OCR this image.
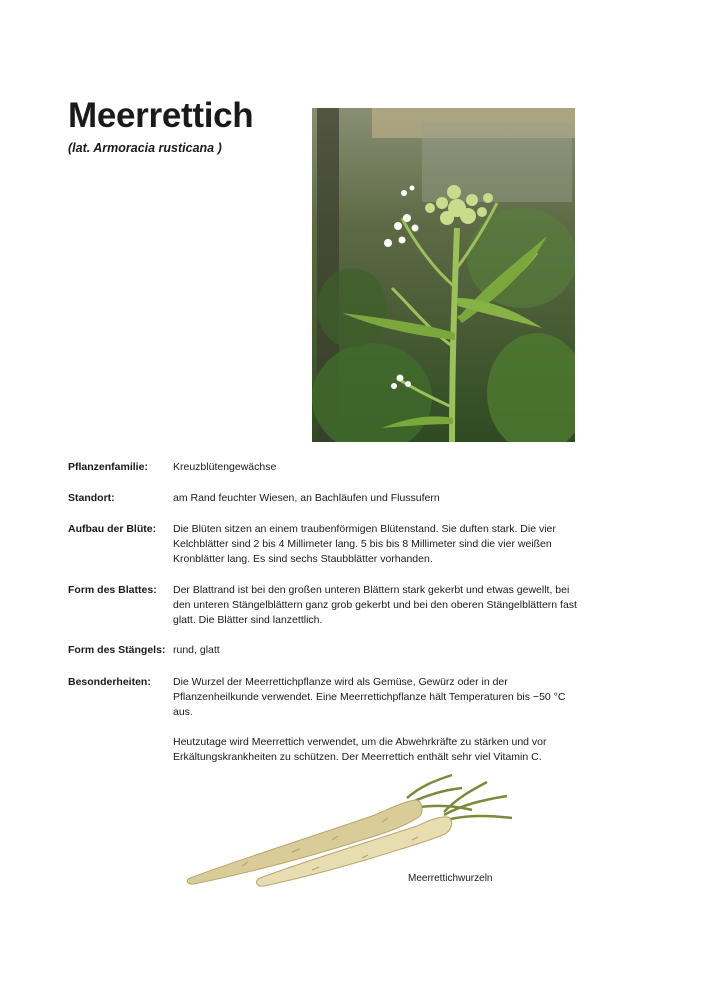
Meerrettich
(lat. Armoracia rusticana )
Pflanzenfamilie:	Kreuzblütengewächse
Standort:	am Rand feuchter Wiesen, an Bachläufen und Flussufern
Aufbau der Blüte:	Die Blüten sitzen an einem traubenförmigen Blütenstand. Sie duften stark. Die vier Kelchblätter sind 2 bis 4 Millimeter lang. 5 bis bis 8 Millimeter sind die vier weißen Kronblätter lang. Es sind sechs Staubblätter vorhanden.
Form des Blattes:	Der Blattrand ist bei den großen unteren Blättern stark gekerbt und etwas gewellt, bei den unteren Stängelblättern ganz grob gekerbt und bei den oberen Stängelblättern fast glatt. Die Blätter sind lanzettlich.
Form des Stängels: rund, glatt
Besonderheiten:	Die Wurzel der Meerrettichpflanze wird als Gemüse, Gewürz oder in der Pflanzenheilkunde verwendet. Eine Meerrettichpflanze hält Temperaturen bis −50 °C aus.

Heutzutage wird Meerrettich verwendet, um die Abwehrkräfte zu stärken und vor Erkältungskrankheiten zu schützen. Der Meerrettich enthält sehr viel Vitamin C.

Meerrettichwurzeln
